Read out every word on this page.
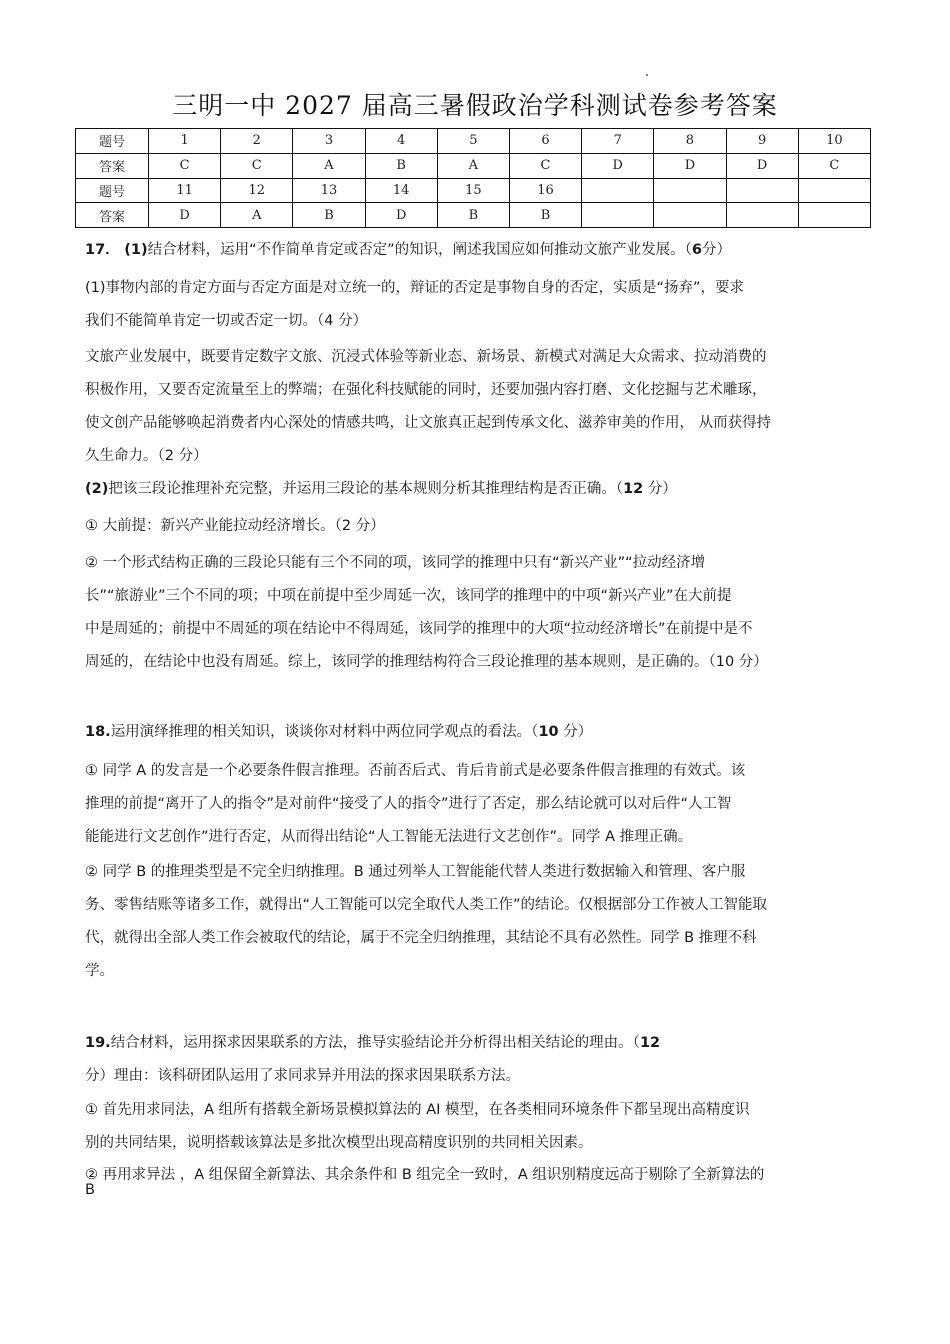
三明一中 2027 届高三暑假政治学科测试卷参考答案
题号	1	2	3	4	5	6	7	8	9	10
答案	C	C	A	B	A	C	D	D	D	C
题号	11	12	13	14	15	16				
答案	D	A	B	D	B	B				
17． (1)结合材料，运用“不作简单肯定或否定”的知识，阐述我国应如何推动文旅产业发展。（6分）
(1)事物内部的肯定方面与否定方面是对立统一的，辩证的否定是事物自身的否定，实质是“扬弃”，要求
我们不能简单肯定一切或否定一切。（4 分）
文旅产业发展中，既要肯定数字文旅、沉浸式体验等新业态、新场景、新模式对满足大众需求、拉动消费的
积极作用，又要否定流量至上的弊端；在强化科技赋能的同时，还要加强内容打磨、文化挖掘与艺术雕琢，
使文创产品能够唤起消费者内心深处的情感共鸣，让文旅真正起到传承文化、滋养审美的作用， 从而获得持
久生命力。（2 分）
(2)把该三段论推理补充完整，并运用三段论的基本规则分析其推理结构是否正确。（12 分）
① 大前提：新兴产业能拉动经济增长。（2 分）
② 一个形式结构正确的三段论只能有三个不同的项，该同学的推理中只有“新兴产业”“拉动经济增
长”“旅游业”三个不同的项；中项在前提中至少周延一次，该同学的推理中的中项“新兴产业”在大前提
中是周延的；前提中不周延的项在结论中不得周延，该同学的推理中的大项“拉动经济增长”在前提中是不
周延的，在结论中也没有周延。综上，该同学的推理结构符合三段论推理的基本规则，是正确的。（10 分）
18.运用演绎推理的相关知识，谈谈你对材料中两位同学观点的看法。（10 分）
① 同学 A 的发言是一个必要条件假言推理。否前否后式、肯后肯前式是必要条件假言推理的有效式。该
推理的前提“离开了人的指令”是对前件“接受了人的指令”进行了否定，那么结论就可以对后件“人工智
能能进行文艺创作”进行否定，从而得出结论“人工智能无法进行文艺创作”。同学 A 推理正确。
② 同学 B 的推理类型是不完全归纳推理。B 通过列举人工智能能代替人类进行数据输入和管理、客户服
务、零售结账等诸多工作，就得出“人工智能可以完全取代人类工作”的结论。仅根据部分工作被人工智能取
代，就得出全部人类工作会被取代的结论，属于不完全归纳推理，其结论不具有必然性。同学 B 推理不科
学。
19.结合材料，运用探求因果联系的方法，推导实验结论并分析得出相关结论的理由。（12
分）理由：该科研团队运用了求同求异并用法的探求因果联系方法。
① 首先用求同法，A 组所有搭载全新场景模拟算法的 AI 模型，在各类相同环境条件下都呈现出高精度识
别的共同结果，说明搭载该算法是多批次模型出现高精度识别的共同相关因素。
② 再用求异法 ，A 组保留全新算法、其余条件和 B 组完全一致时，A 组识别精度远高于剔除了全新算法的
B
